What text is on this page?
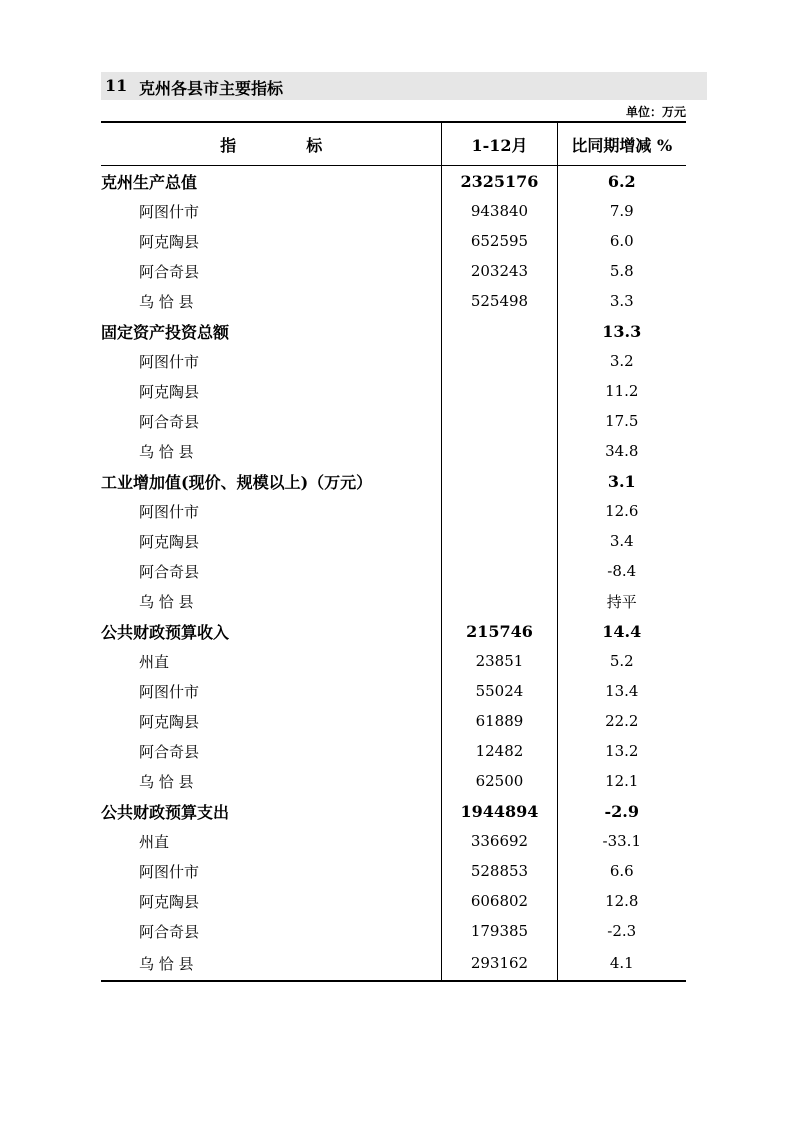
11 克州各县市主要指标
单位：万元
指 标	1-12月	比同期增减 %
克州生产总值	2325176	6.2
阿图什市	943840	7.9
阿克陶县	652595	6.0
阿合奇县	203243	5.8
乌 恰 县	525498	3.3
固定资产投资总额		13.3
阿图什市		3.2
阿克陶县		11.2
阿合奇县		17.5
乌 恰 县		34.8
工业增加值(现价、规模以上)（万元）		3.1
阿图什市		12.6
阿克陶县		3.4
阿合奇县		-8.4
乌 恰 县		持平
公共财政预算收入	215746	14.4
州直	23851	5.2
阿图什市	55024	13.4
阿克陶县	61889	22.2
阿合奇县	12482	13.2
乌 恰 县	62500	12.1
公共财政预算支出	1944894	-2.9
州直	336692	-33.1
阿图什市	528853	6.6
阿克陶县	606802	12.8
阿合奇县	179385	-2.3
乌 恰 县	293162	4.1
